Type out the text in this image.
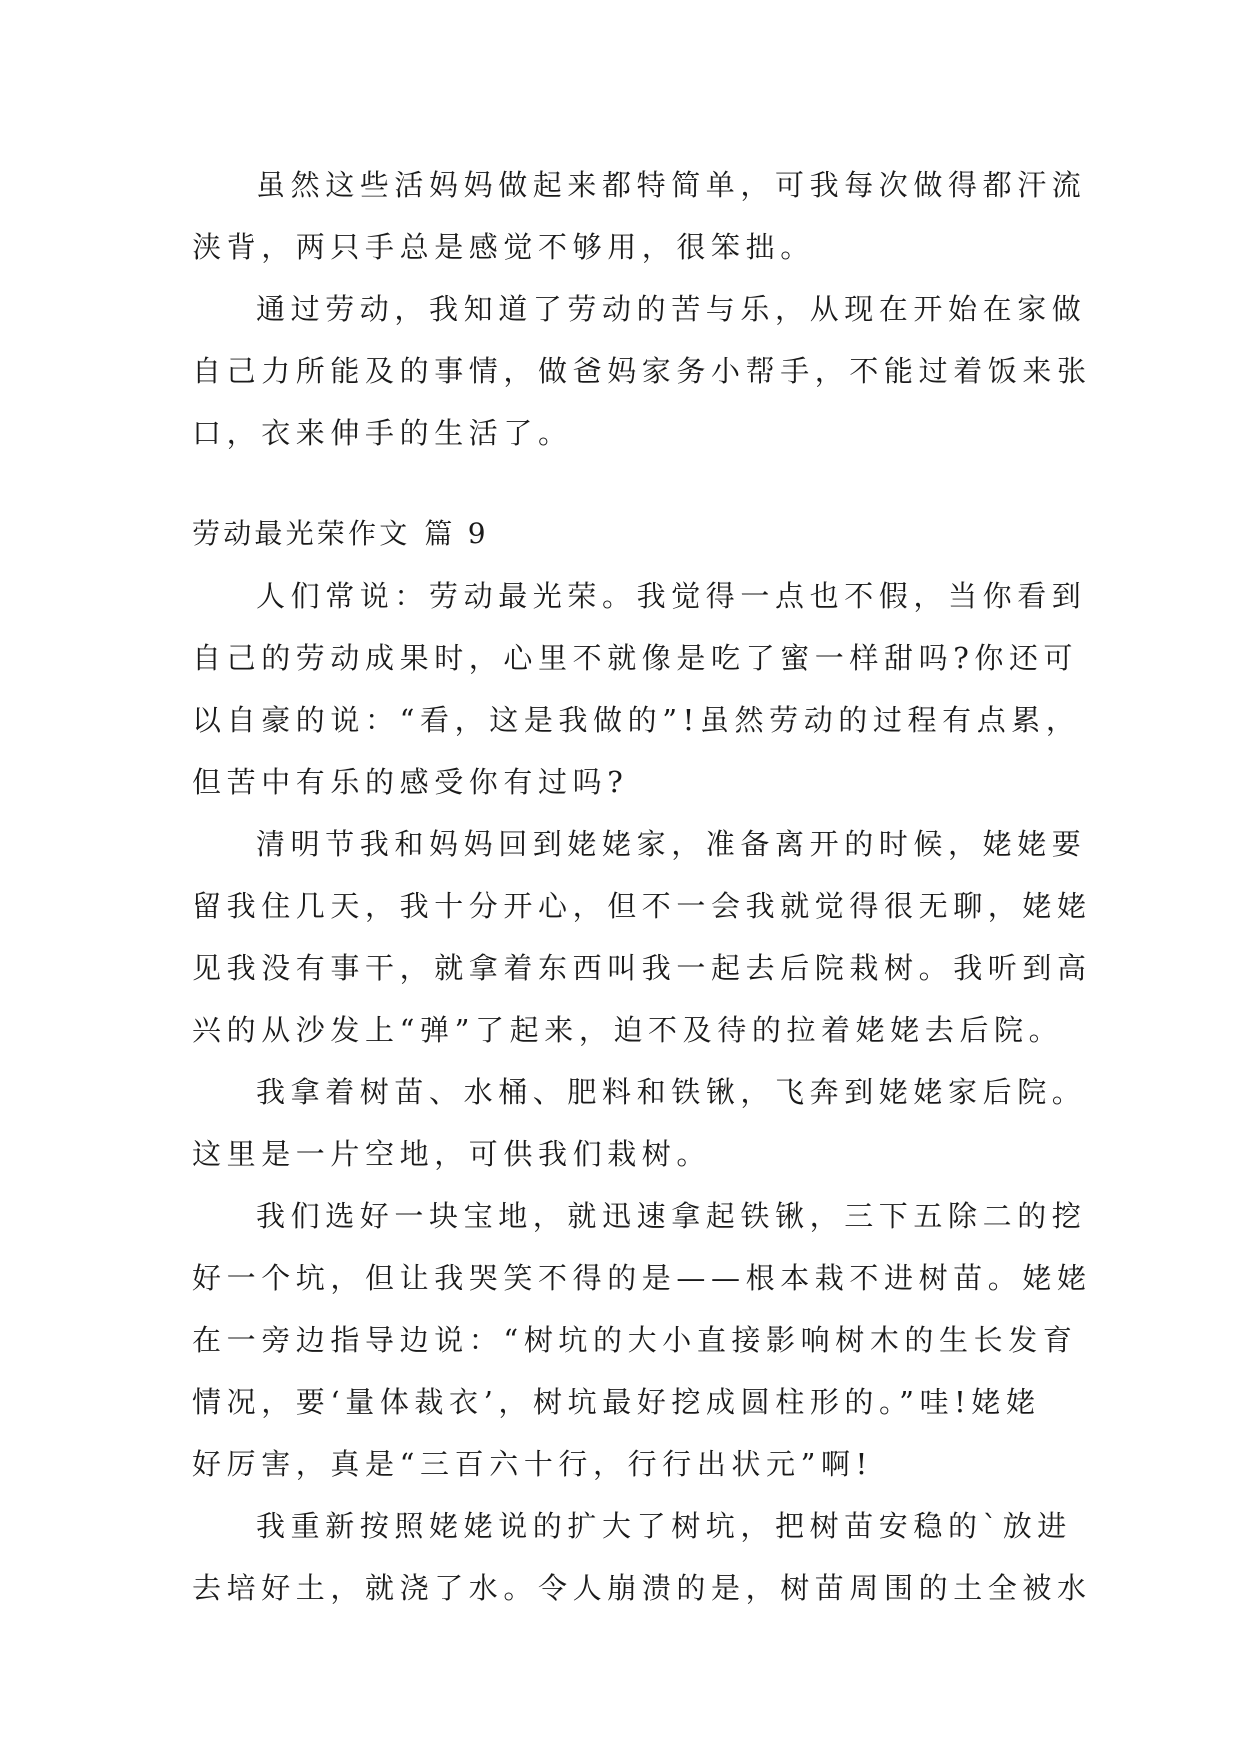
虽然这些活妈妈做起来都特简单，可我每次做得都汗流
浃背，两只手总是感觉不够用，很笨拙。
通过劳动，我知道了劳动的苦与乐，从现在开始在家做
自己力所能及的事情，做爸妈家务小帮手，不能过着饭来张
口，衣来伸手的生活了。
劳动最光荣作文 篇 9
人们常说：劳动最光荣。我觉得一点也不假，当你看到
自己的劳动成果时，心里不就像是吃了蜜一样甜吗?你还可
以自豪的说：“看，这是我做的”!虽然劳动的过程有点累，
但苦中有乐的感受你有过吗?
清明节我和妈妈回到姥姥家，准备离开的时候，姥姥要
留我住几天，我十分开心，但不一会我就觉得很无聊，姥姥
见我没有事干，就拿着东西叫我一起去后院栽树。我听到高
兴的从沙发上“弹”了起来，迫不及待的拉着姥姥去后院。
我拿着树苗、水桶、肥料和铁锹，飞奔到姥姥家后院。
这里是一片空地，可供我们栽树。
我们选好一块宝地，就迅速拿起铁锹，三下五除二的挖
好一个坑，但让我哭笑不得的是——根本栽不进树苗。姥姥
在一旁边指导边说：“树坑的大小直接影响树木的生长发育
情况，要‘量体裁衣’，树坑最好挖成圆柱形的。”哇!姥姥
好厉害，真是“三百六十行，行行出状元”啊!
我重新按照姥姥说的扩大了树坑，把树苗安稳的`放进
去培好土，就浇了水。令人崩溃的是，树苗周围的土全被水
